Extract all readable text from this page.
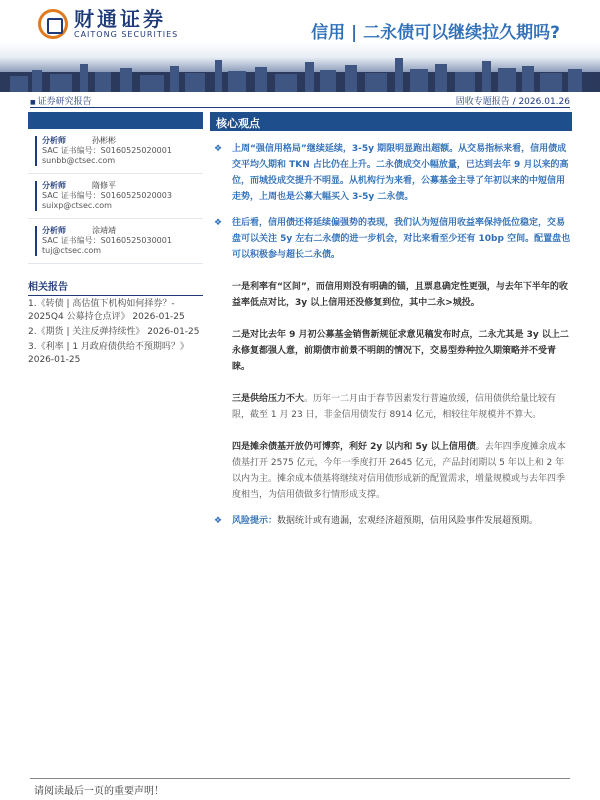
财通证券
CAITONG SECURITIES	信用 | 二永债可以继续拉久期吗?
■ 证券研究报告	固收专题报告 / 2026.01.26
分析师	孙彬彬
SAC 证书编号：S0160525020001
sunbb@ctsec.com
分析师	隋修平
SAC 证书编号：S0160525020003
suixp@ctsec.com
分析师	涂靖靖
SAC 证书编号：S0160525030001
tuj@ctsec.com
相关报告
1.《转债 | 高估值下机构如何择券？- 2025Q4 公募持仓点评》 2026-01-25
2.《期货 | 关注反弹持续性》 2026-01-25
3.《利率 | 1 月政府债供给不预期吗？》 2026-01-25
核心观点
❖ 上周“强信用格局”继续延续，3-5y 期限明显跑出超额。从交易指标来看，信用债成交平均久期和 TKN 占比仍在上升。二永债成交小幅放量，已达到去年 9 月以来的高位，而城投成交提升不明显。从机构行为来看，公募基金主导了年初以来的中短信用走势，上周也是公募大幅买入 3-5y 二永债。
❖ 往后看，信用债还将延续偏强势的表现，我们认为短信用收益率保持低位稳定，交易盘可以关注 5y 左右二永债的进一步机会，对比来看至少还有 10bp 空间。配置盘也可以积极参与超长二永债。
一是利率有“区间”，而信用则没有明确的锚，且票息确定性更强，与去年下半年的收益率低点对比，3y 以上信用还没修复到位，其中二永>城投。
二是对比去年 9 月初公募基金销售新规征求意见稿发布时点，二永尤其是 3y 以上二永修复都强人意，前期债市前景不明朗的情况下，交易型券种拉久期策略并不受青睐。
三是供给压力不大。历年一二月由于春节因素发行普遍放缓，信用债供给量比较有限，截至 1 月 23 日，非金信用债发行 8914 亿元，相较往年规模并不算大。
四是摊余债基开放仍可博弈，利好 2y 以内和 5y 以上信用债。去年四季度摊余成本债基打开 2575 亿元，今年一季度打开 2645 亿元，产品封闭期以 5 年以上和 2 年以内为主。摊余成本债基将继续对信用债形成新的配置需求，增量规模或与去年四季度相当，为信用债做多行情形成支撑。
❖ 风险提示：数据统计或有遗漏，宏观经济超预期，信用风险事件发展超预期。
请阅读最后一页的重要声明！
